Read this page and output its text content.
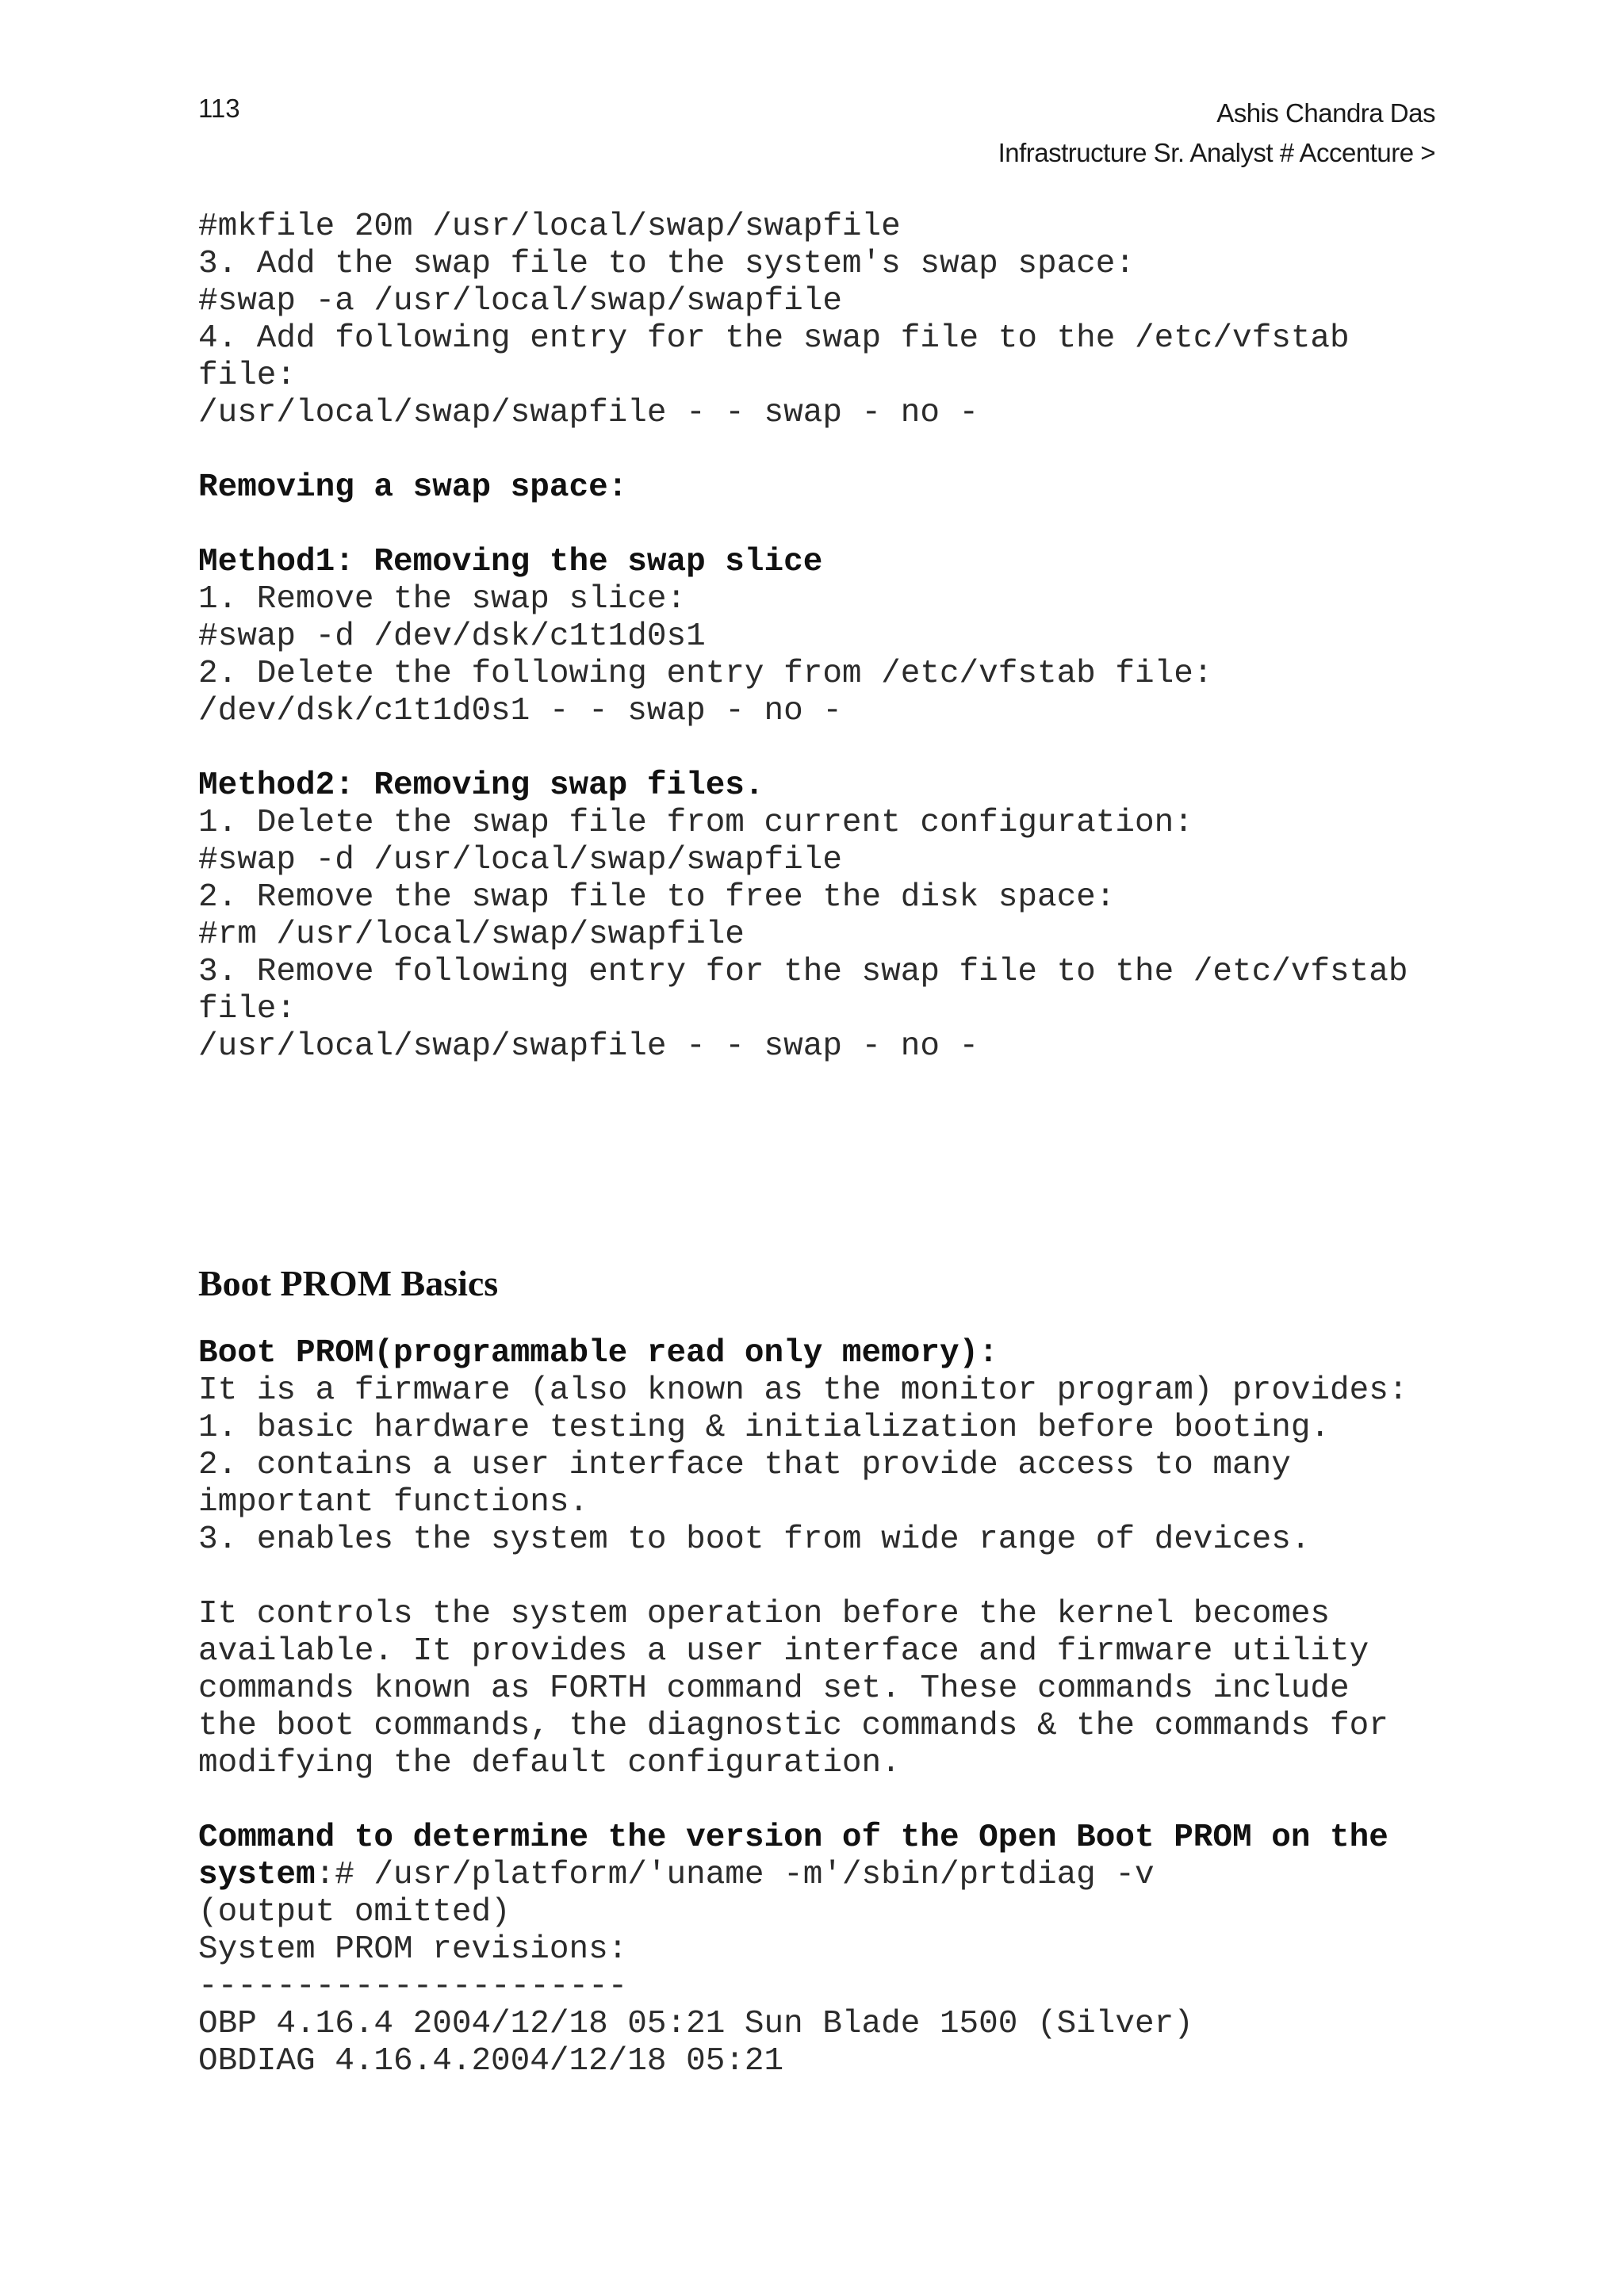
113	Ashis Chandra Das
Infrastructure Sr. Analyst # Accenture >
#mkfile 20m /usr/local/swap/swapfile
3. Add the swap file to the system's swap space:
#swap -a /usr/local/swap/swapfile
4. Add following entry for the swap file to the /etc/vfstab
file:
/usr/local/swap/swapfile - - swap - no -
Removing a swap space:
Method1: Removing the swap slice
1. Remove the swap slice:
#swap -d /dev/dsk/c1t1d0s1
2. Delete the following entry from /etc/vfstab file:
/dev/dsk/c1t1d0s1 - - swap - no -
Method2: Removing swap files.
1. Delete the swap file from current configuration:
#swap -d /usr/local/swap/swapfile
2. Remove the swap file to free the disk space:
#rm /usr/local/swap/swapfile
3. Remove following entry for the swap file to the /etc/vfstab
file:
/usr/local/swap/swapfile - - swap - no -
Boot PROM Basics
Boot PROM(programmable read only memory):
It is a firmware (also known as the monitor program) provides:
1. basic hardware testing & initialization before booting.
2. contains a user interface that provide access to many
important functions.
3. enables the system to boot from wide range of devices.
It controls the system operation before the kernel becomes
available. It provides a user interface and firmware utility
commands known as FORTH command set. These commands include
the boot commands, the diagnostic commands & the commands for
modifying the default configuration.
Command to determine the version of the Open Boot PROM on the
system:# /usr/platform/'uname -m'/sbin/prtdiag -v
(output omitted)
System PROM revisions:
----------------------
OBP 4.16.4 2004/12/18 05:21 Sun Blade 1500 (Silver)
OBDIAG 4.16.4.2004/12/18 05:21
